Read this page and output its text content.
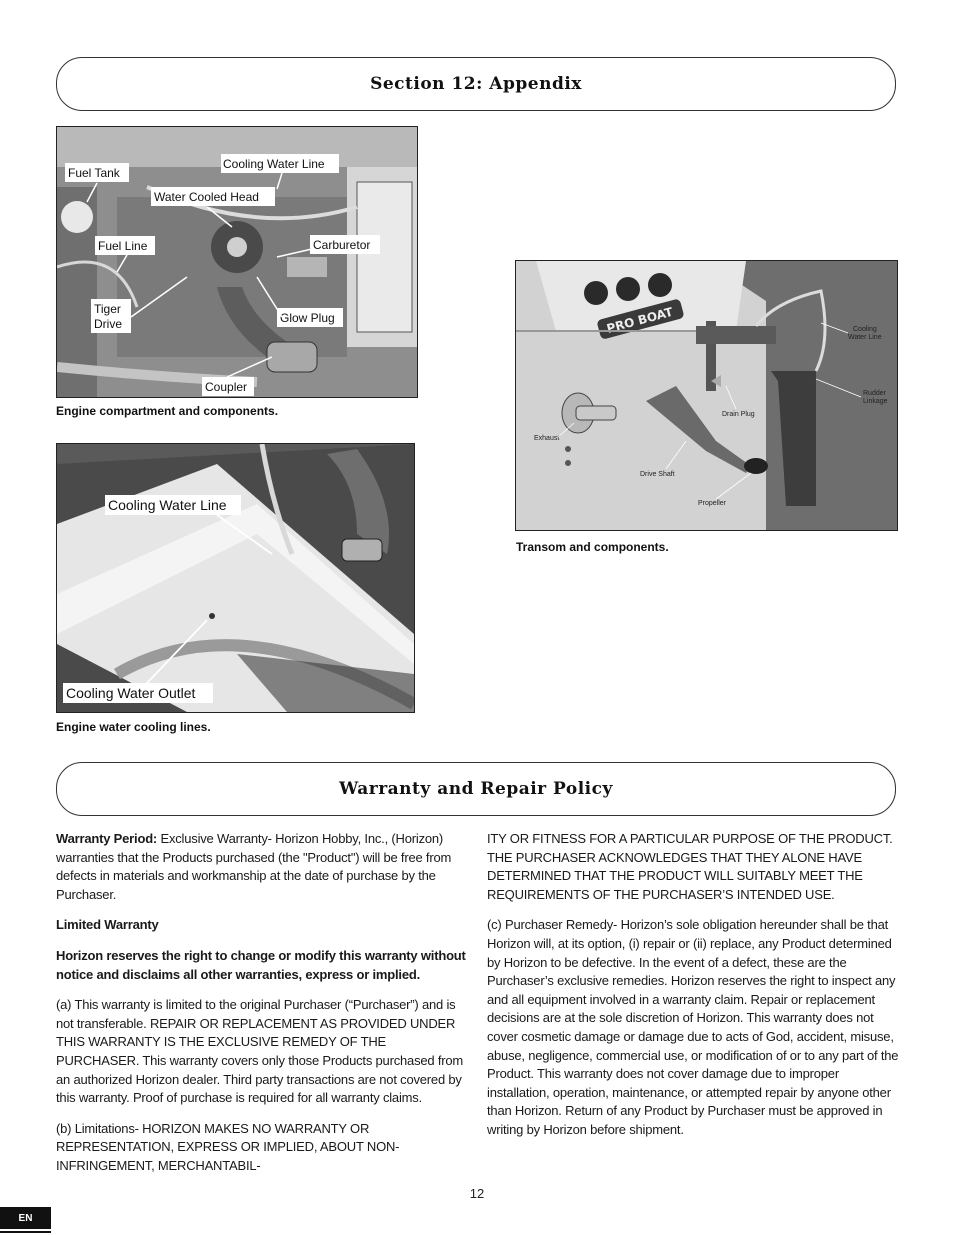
Section 12: Appendix
Fuel Tank
Cooling Water Line
Water Cooled Head
Fuel Line	Carburetor
Tiger
Drive	Glow Plug
Coupler
Engine compartment and components.
Cooling Water Line
Cooling Water Outlet
Engine water cooling lines.
PRO BOAT	Cooling
Water Line
Rudder
Linkage
Drain Plug
Exhaust
Drive Shaft
Propeller
Transom and components.
Warranty and Repair Policy

Warranty Period: Exclusive Warranty- Horizon Hobby, Inc., (Horizon) warranties that the Products purchased (the "Product") will be free from defects in materials and workmanship at the date of purchase by the Purchaser.

Limited Warranty

Horizon reserves the right to change or modify this warranty without notice and disclaims all other warranties, express or implied.

(a) This warranty is limited to the original Purchaser (“Purchaser”) and is not transferable. REPAIR OR REPLACEMENT AS PROVIDED UNDER THIS WARRANTY IS THE EXCLUSIVE REMEDY OF THE PURCHASER. This warranty covers only those Products purchased from an authorized Horizon dealer. Third party transactions are not covered by this warranty. Proof of purchase is required for all warranty claims.

(b) Limitations- HORIZON MAKES NO WARRANTY OR REPRESENTATION, EXPRESS OR IMPLIED, ABOUT NON-INFRINGEMENT, MERCHANTABIL-

ITY OR FITNESS FOR A PARTICULAR PURPOSE OF THE PRODUCT. THE PURCHASER ACKNOWLEDGES THAT THEY ALONE HAVE DETERMINED THAT THE PRODUCT WILL SUITABLY MEET THE REQUIREMENTS OF THE PURCHASER’S INTENDED USE.

(c) Purchaser Remedy- Horizon’s sole obligation hereunder shall be that Horizon will, at its option, (i) repair or (ii) replace, any Product determined by Horizon to be defective. In the event of a defect, these are the Purchaser’s exclusive remedies. Horizon reserves the right to inspect any and all equipment involved in a warranty claim. Repair or replacement decisions are at the sole discretion of Horizon. This warranty does not cover cosmetic damage or damage due to acts of God, accident, misuse, abuse, negligence, commercial use, or modification of or to any part of the Product. This warranty does not cover damage due to improper installation, operation, maintenance, or attempted repair by anyone other than Horizon. Return of any Product by Purchaser must be approved in writing by Horizon before shipment.

12
EN
